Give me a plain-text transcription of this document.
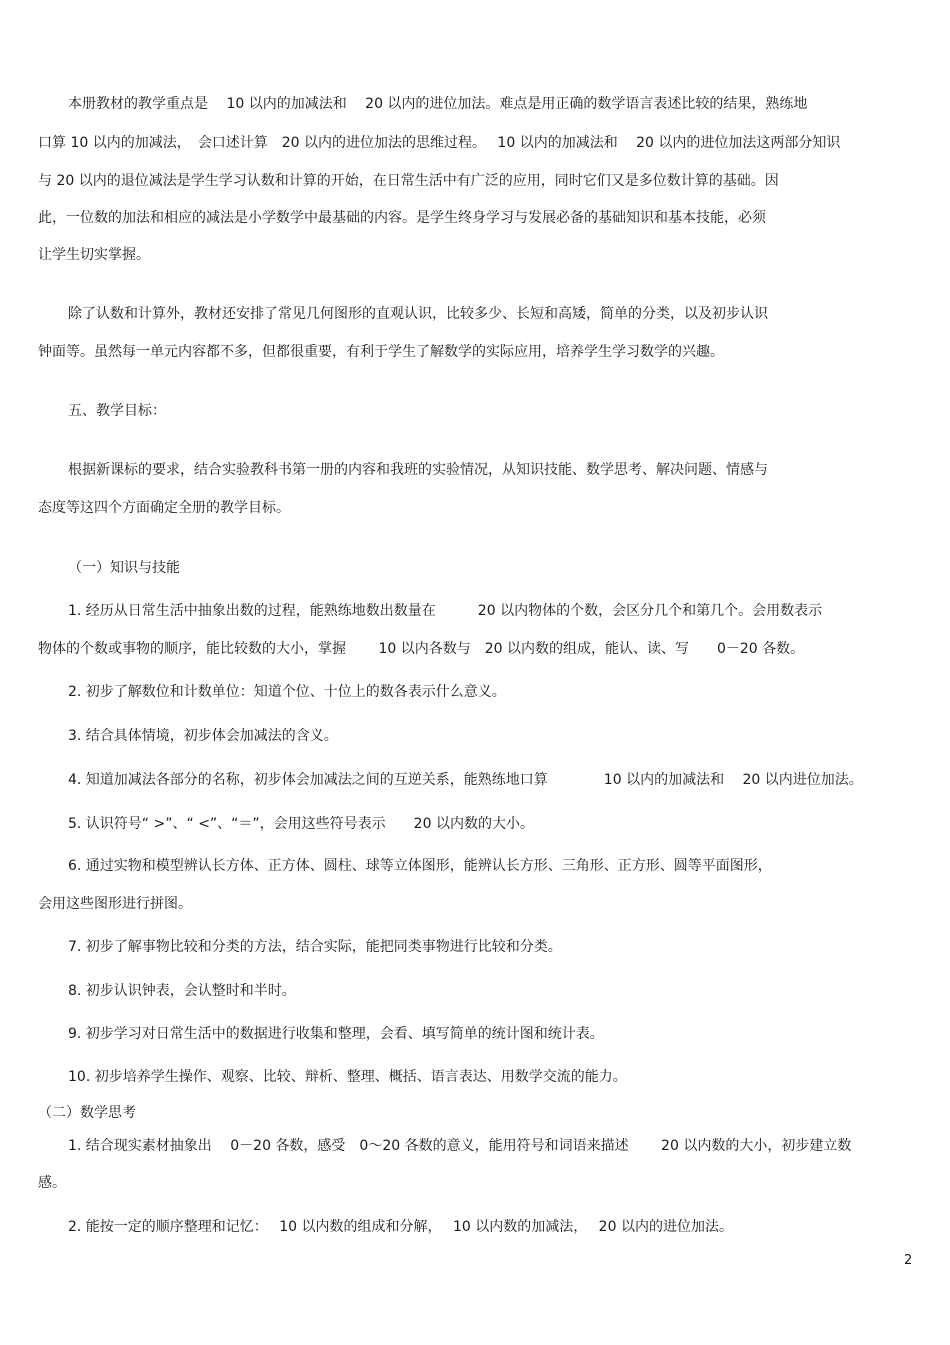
本册教材的教学重点是　 10 以内的加减法和　 20 以内的进位加法。难点是用正确的数学语言表述比较的结果，熟练地
口算 10 以内的加减法，　会口述计算　20 以内的进位加法的思维过程。　 10 以内的加减法和　 20 以内的进位加法这两部分知识
与 20 以内的退位减法是学生学习认数和计算的开始，在日常生活中有广泛的应用，同时它们又是多位数计算的基础。因
此，一位数的加法和相应的减法是小学数学中最基础的内容。是学生终身学习与发展必备的基础知识和基本技能，必须
让学生切实掌握。
除了认数和计算外，教材还安排了常见几何图形的直观认识，比较多少、长短和高矮，简单的分类，以及初步认识
钟面等。虽然每一单元内容都不多，但都很重要，有利于学生了解数学的实际应用，培养学生学习数学的兴趣。
五、教学目标：
根据新课标的要求，结合实验教科书第一册的内容和我班的实验情况，从知识技能、数学思考、解决问题、情感与
态度等这四个方面确定全册的教学目标。
（一）知识与技能
1. 经历从日常生活中抽象出数的过程，能熟练地数出数量在　　　20 以内物体的个数，会区分几个和第几个。会用数表示
物体的个数或事物的顺序，能比较数的大小，掌握　　 10 以内各数与　20 以内数的组成，能认、读、写　　0－20 各数。
2. 初步了解数位和计数单位：知道个位、十位上的数各表示什么意义。
3. 结合具体情境，初步体会加减法的含义。
4. 知道加减法各部分的名称，初步体会加减法之间的互逆关系，能熟练地口算　　　　10 以内的加减法和　 20 以内进位加法。
5. 认识符号“ >”、“ <”、“＝”，会用这些符号表示　　20 以内数的大小。
6. 通过实物和模型辨认长方体、正方体、圆柱、球等立体图形，能辨认长方形、三角形、正方形、圆等平面图形，
会用这些图形进行拼图。
7. 初步了解事物比较和分类的方法，结合实际，能把同类事物进行比较和分类。
8. 初步认识钟表，会认整时和半时。
9. 初步学习对日常生活中的数据进行收集和整理，会看、填写简单的统计图和统计表。
10. 初步培养学生操作、观察、比较、辩析、整理、概括、语言表达、用数学交流的能力。
（二）数学思考
1. 结合现实素材抽象出　 0－20 各数，感受　0～20 各数的意义，能用符号和词语来描述　　 20 以内数的大小，初步建立数
感。
2. 能按一定的顺序整理和记忆：　 10 以内数的组成和分解，　 10 以内数的加减法，　 20 以内的进位加法。
2
